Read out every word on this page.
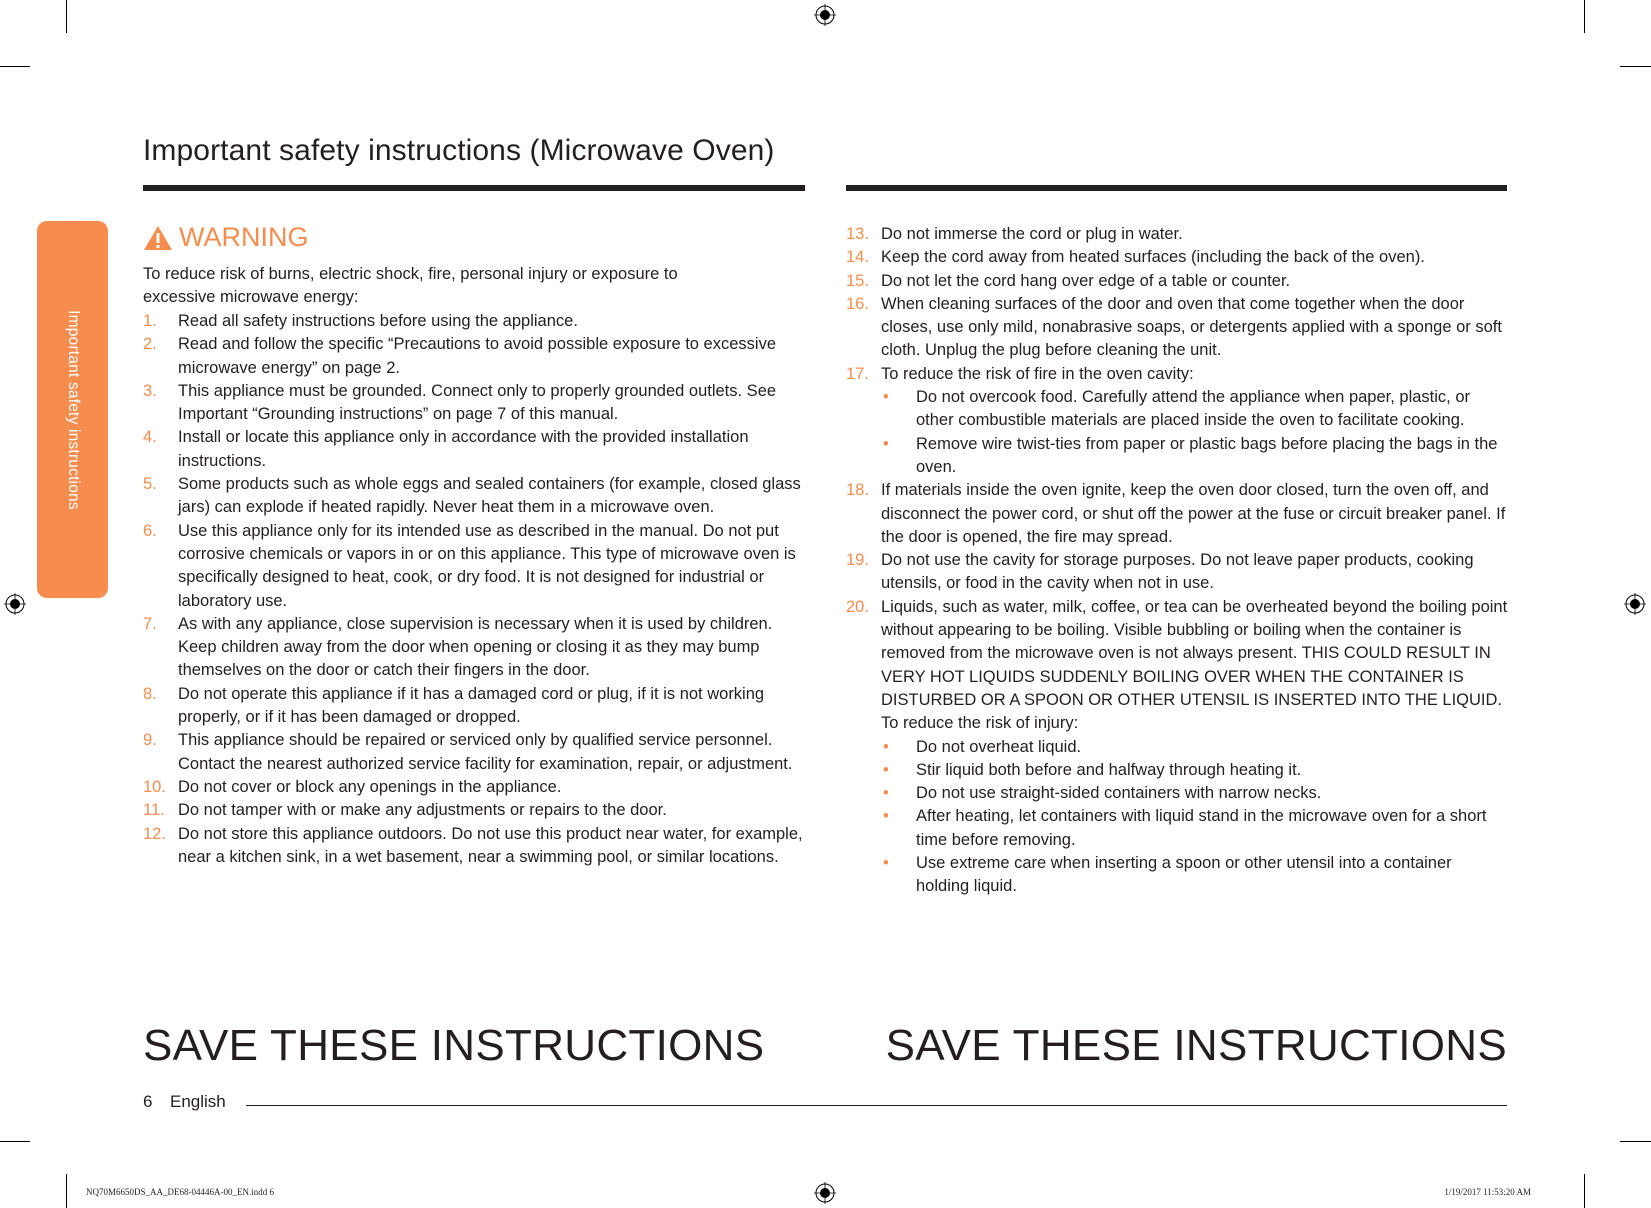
Important safety instructions
Important safety instructions (Microwave Oven)
WARNING
To reduce risk of burns, electric shock, fire, personal injury or exposure to excessive microwave energy:
1. Read all safety instructions before using the appliance.
2. Read and follow the specific “Precautions to avoid possible exposure to excessive microwave energy” on page 2.
3. This appliance must be grounded. Connect only to properly grounded outlets. See Important “Grounding instructions” on page 7 of this manual.
4. Install or locate this appliance only in accordance with the provided installation instructions.
5. Some products such as whole eggs and sealed containers (for example, closed glass jars) can explode if heated rapidly. Never heat them in a microwave oven.
6. Use this appliance only for its intended use as described in the manual. Do not put corrosive chemicals or vapors in or on this appliance. This type of microwave oven is specifically designed to heat, cook, or dry food. It is not designed for industrial or laboratory use.
7. As with any appliance, close supervision is necessary when it is used by children. Keep children away from the door when opening or closing it as they may bump themselves on the door or catch their fingers in the door.
8. Do not operate this appliance if it has a damaged cord or plug, if it is not working properly, or if it has been damaged or dropped.
9. This appliance should be repaired or serviced only by qualified service personnel. Contact the nearest authorized service facility for examination, repair, or adjustment.
10. Do not cover or block any openings in the appliance.
11. Do not tamper with or make any adjustments or repairs to the door.
12. Do not store this appliance outdoors. Do not use this product near water, for example, near a kitchen sink, in a wet basement, near a swimming pool, or similar locations.
13. Do not immerse the cord or plug in water.
14. Keep the cord away from heated surfaces (including the back of the oven).
15. Do not let the cord hang over edge of a table or counter.
16. When cleaning surfaces of the door and oven that come together when the door closes, use only mild, nonabrasive soaps, or detergents applied with a sponge or soft cloth. Unplug the plug before cleaning the unit.
17. To reduce the risk of fire in the oven cavity:
• Do not overcook food. Carefully attend the appliance when paper, plastic, or other combustible materials are placed inside the oven to facilitate cooking.
• Remove wire twist-ties from paper or plastic bags before placing the bags in the oven.
18. If materials inside the oven ignite, keep the oven door closed, turn the oven off, and disconnect the power cord, or shut off the power at the fuse or circuit breaker panel. If the door is opened, the fire may spread.
19. Do not use the cavity for storage purposes. Do not leave paper products, cooking utensils, or food in the cavity when not in use.
20. Liquids, such as water, milk, coffee, or tea can be overheated beyond the boiling point without appearing to be boiling. Visible bubbling or boiling when the container is removed from the microwave oven is not always present. THIS COULD RESULT IN VERY HOT LIQUIDS SUDDENLY BOILING OVER WHEN THE CONTAINER IS DISTURBED OR A SPOON OR OTHER UTENSIL IS INSERTED INTO THE LIQUID. To reduce the risk of injury:
• Do not overheat liquid.
• Stir liquid both before and halfway through heating it.
• Do not use straight-sided containers with narrow necks.
• After heating, let containers with liquid stand in the microwave oven for a short time before removing.
• Use extreme care when inserting a spoon or other utensil into a container holding liquid.
SAVE THESE INSTRUCTIONS	SAVE THESE INSTRUCTIONS
6 English
NQ70M6650DS_AA_DE68-04446A-00_EN.indd 6	1/19/2017 11:53:20 AM
